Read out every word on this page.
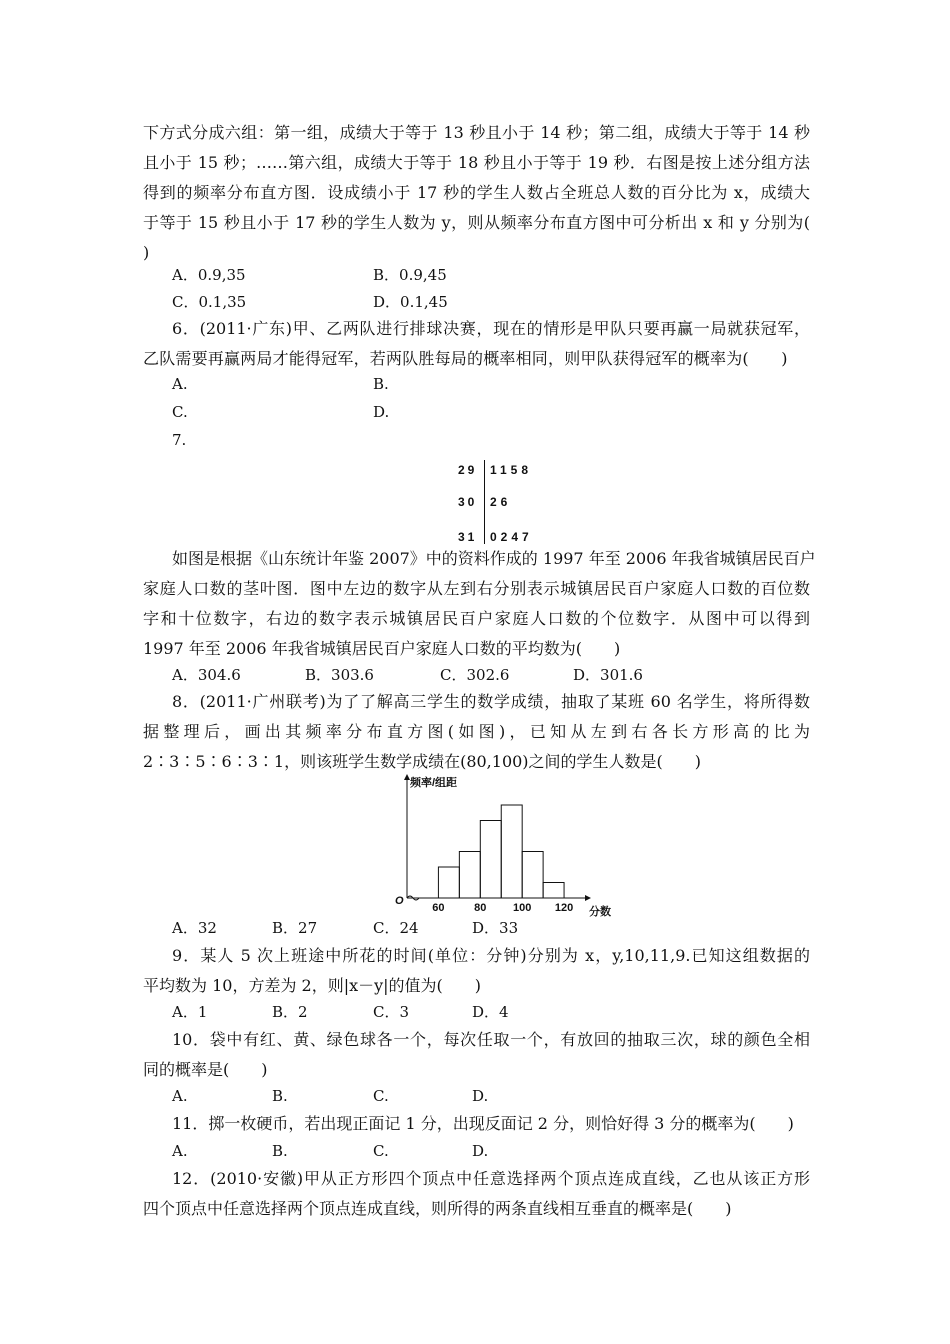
下方式分成六组：第一组，成绩大于等于 13 秒且小于 14 秒；第二组，成绩大于等于 14 秒
且小于 15 秒；……第六组，成绩大于等于 18 秒且小于等于 19 秒．右图是按上述分组方法
得到的频率分布直方图．设成绩小于 17 秒的学生人数占全班总人数的百分比为 x，成绩大
于等于 15 秒且小于 17 秒的学生人数为 y，则从频率分布直方图中可分析出 x 和 y 分别为(
)
A．0.9,35	B．0.9,45
C．0.1,35	D．0.1,45
6．(2011·广东)甲、乙两队进行排球决赛，现在的情形是甲队只要再赢一局就获冠军，
乙队需要再赢两局才能得冠军，若两队胜每局的概率相同，则甲队获得冠军的概率为(　　)
A.	B.
C.	D.
7.
29 1158
30 26
31 0247
如图是根据《山东统计年鉴 2007》中的资料作成的 1997 年至 2006 年我省城镇居民百户
家庭人口数的茎叶图．图中左边的数字从左到右分别表示城镇居民百户家庭人口数的百位数
字和十位数字，右边的数字表示城镇居民百户家庭人口数的个位数字．从图中可以得到
1997 年至 2006 年我省城镇居民百户家庭人口数的平均数为(　　)
A．304.6	B．303.6	C．302.6	D．301.6
8．(2011·广州联考)为了了解高三学生的数学成绩，抽取了某班 60 名学生，将所得数
据整理后，画出其频率分布直方图(如图)，已知从左到右各长方形高的比为
2∶3∶5∶6∶3∶1，则该班学生数学成绩在(80,100)之间的学生人数是(　　)
60	80 100 120
频率/组距
分数
O
A．32	B．27	C．24	D．33
9．某人 5 次上班途中所花的时间(单位：分钟)分别为 x，y,10,11,9.已知这组数据的
平均数为 10，方差为 2，则|x－y|的值为(　　)
A．1	B．2	C．3	D．4
10．袋中有红、黄、绿色球各一个，每次任取一个，有放回的抽取三次，球的颜色全相
同的概率是(　　)
A.	B.	C.	D.
11．掷一枚硬币，若出现正面记 1 分，出现反面记 2 分，则恰好得 3 分的概率为(　　)
A.	B.	C.	D.
12．(2010·安徽)甲从正方形四个顶点中任意选择两个顶点连成直线，乙也从该正方形
四个顶点中任意选择两个顶点连成直线，则所得的两条直线相互垂直的概率是(　　)
